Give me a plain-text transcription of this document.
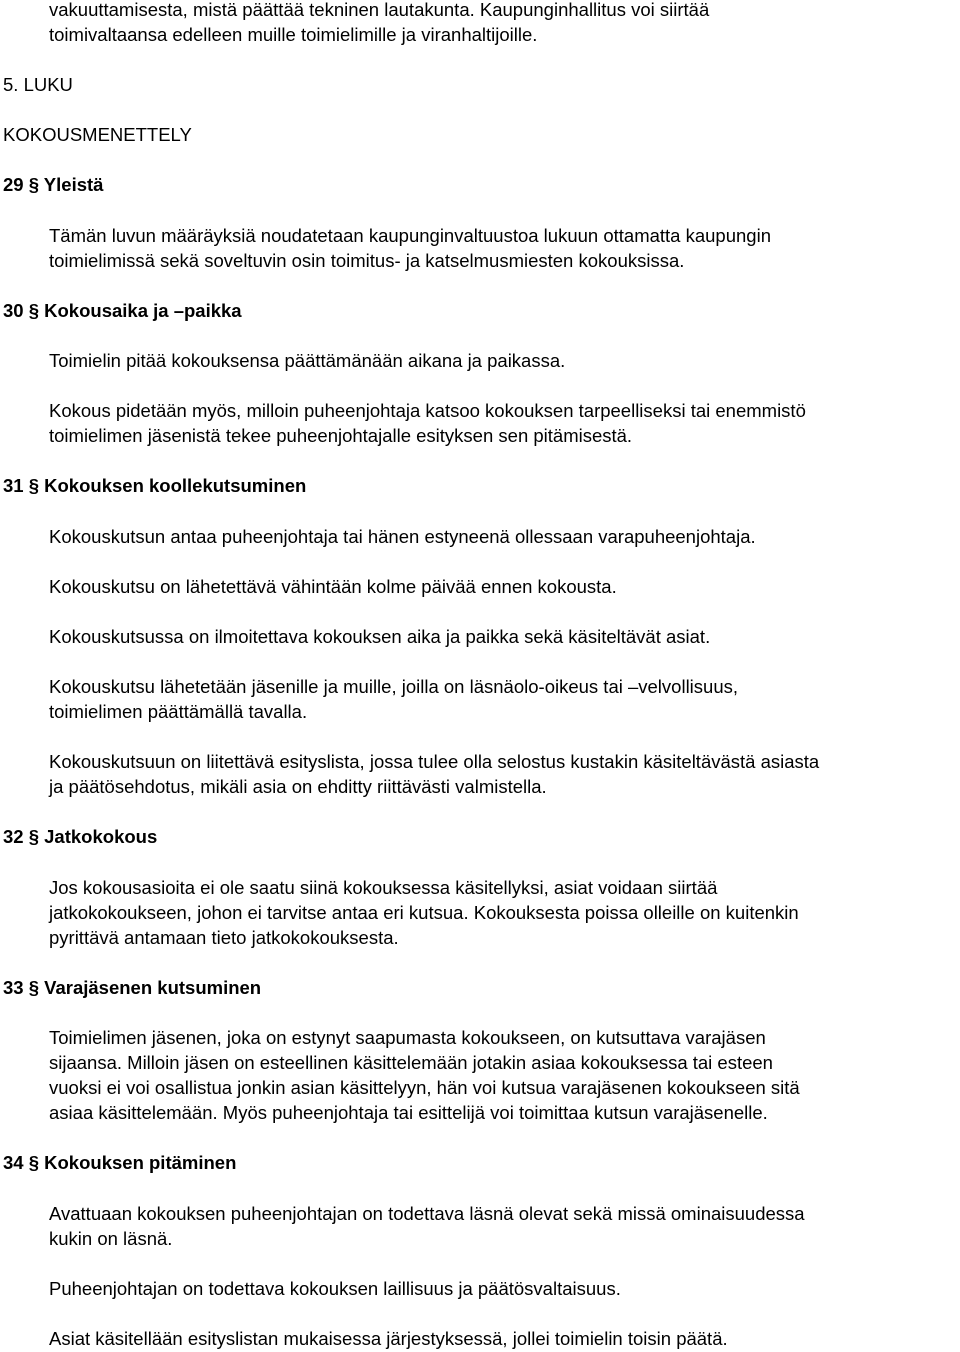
vakuuttamisesta, mistä päättää tekninen lautakunta. Kaupunginhallitus voi siirtää

toimivaltaansa edelleen muille toimielimille ja viranhaltijoille.

5. LUKU

KOKOUSMENETTELY

29 § Yleistä

Tämän luvun määräyksiä noudatetaan kaupunginvaltuustoa lukuun ottamatta kaupungin

toimielimissä sekä soveltuvin osin toimitus- ja katselmusmiesten kokouksissa.

30 § Kokousaika ja –paikka

Toimielin pitää kokouksensa päättämänään aikana ja paikassa.

Kokous pidetään myös, milloin puheenjohtaja katsoo kokouksen tarpeelliseksi tai enemmistö

toimielimen jäsenistä tekee puheenjohtajalle esityksen sen pitämisestä.

31 § Kokouksen koollekutsuminen

Kokouskutsun antaa puheenjohtaja tai hänen estyneenä ollessaan varapuheenjohtaja.

Kokouskutsu on lähetettävä vähintään kolme päivää ennen kokousta.

Kokouskutsussa on ilmoitettava kokouksen aika ja paikka sekä käsiteltävät asiat.

Kokouskutsu lähetetään jäsenille ja muille, joilla on läsnäolo-oikeus tai –velvollisuus,

toimielimen päättämällä tavalla.

Kokouskutsuun on liitettävä esityslista, jossa tulee olla selostus kustakin käsiteltävästä asiasta

ja päätösehdotus, mikäli asia on ehditty riittävästi valmistella.

32 § Jatkokokous

Jos kokousasioita ei ole saatu siinä kokouksessa käsitellyksi, asiat voidaan siirtää

jatkokokoukseen, johon ei tarvitse antaa eri kutsua. Kokouksesta poissa olleille on kuitenkin

pyrittävä antamaan tieto jatkokokouksesta.

33 § Varajäsenen kutsuminen

Toimielimen jäsenen, joka on estynyt saapumasta kokoukseen, on kutsuttava varajäsen

sijaansa. Milloin jäsen on esteellinen käsittelemään jotakin asiaa kokouksessa tai esteen

vuoksi ei voi osallistua jonkin asian käsittelyyn, hän voi kutsua varajäsenen kokoukseen sitä

asiaa käsittelemään. Myös puheenjohtaja tai esittelijä voi toimittaa kutsun varajäsenelle.

34 § Kokouksen pitäminen

Avattuaan kokouksen puheenjohtajan on todettava läsnä olevat sekä missä ominaisuudessa

kukin on läsnä.

Puheenjohtajan on todettava kokouksen laillisuus ja päätösvaltaisuus.

Asiat käsitellään esityslistan mukaisessa järjestyksessä, jollei toimielin toisin päätä.
